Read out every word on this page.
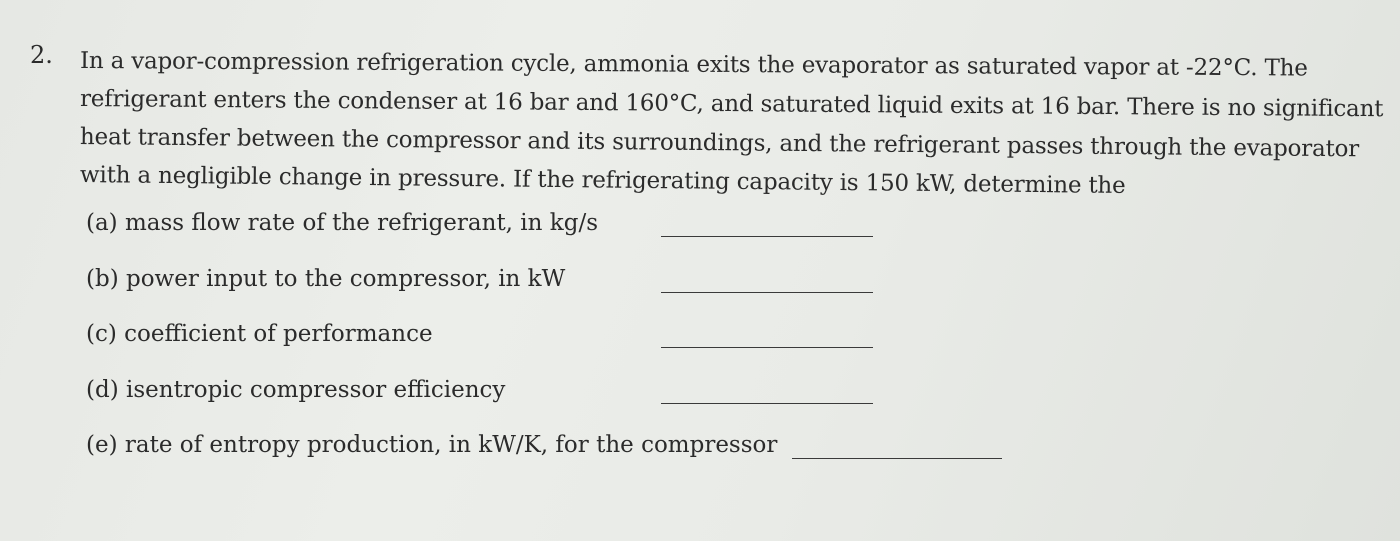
2. In a vapor-compression refrigeration cycle, ammonia exits the evaporator as saturated vapor at -22°C. The
refrigerant enters the condenser at 16 bar and 160°C, and saturated liquid exits at 16 bar. There is no significant
heat transfer between the compressor and its surroundings, and the refrigerant passes through the evaporator
with a negligible change in pressure. If the refrigerating capacity is 150 kW, determine the
(a) mass flow rate of the refrigerant, in kg/s
(b) power input to the compressor, in kW
(c) coefficient of performance
(d) isentropic compressor efficiency
(e) rate of entropy production, in kW/K, for the compressor
